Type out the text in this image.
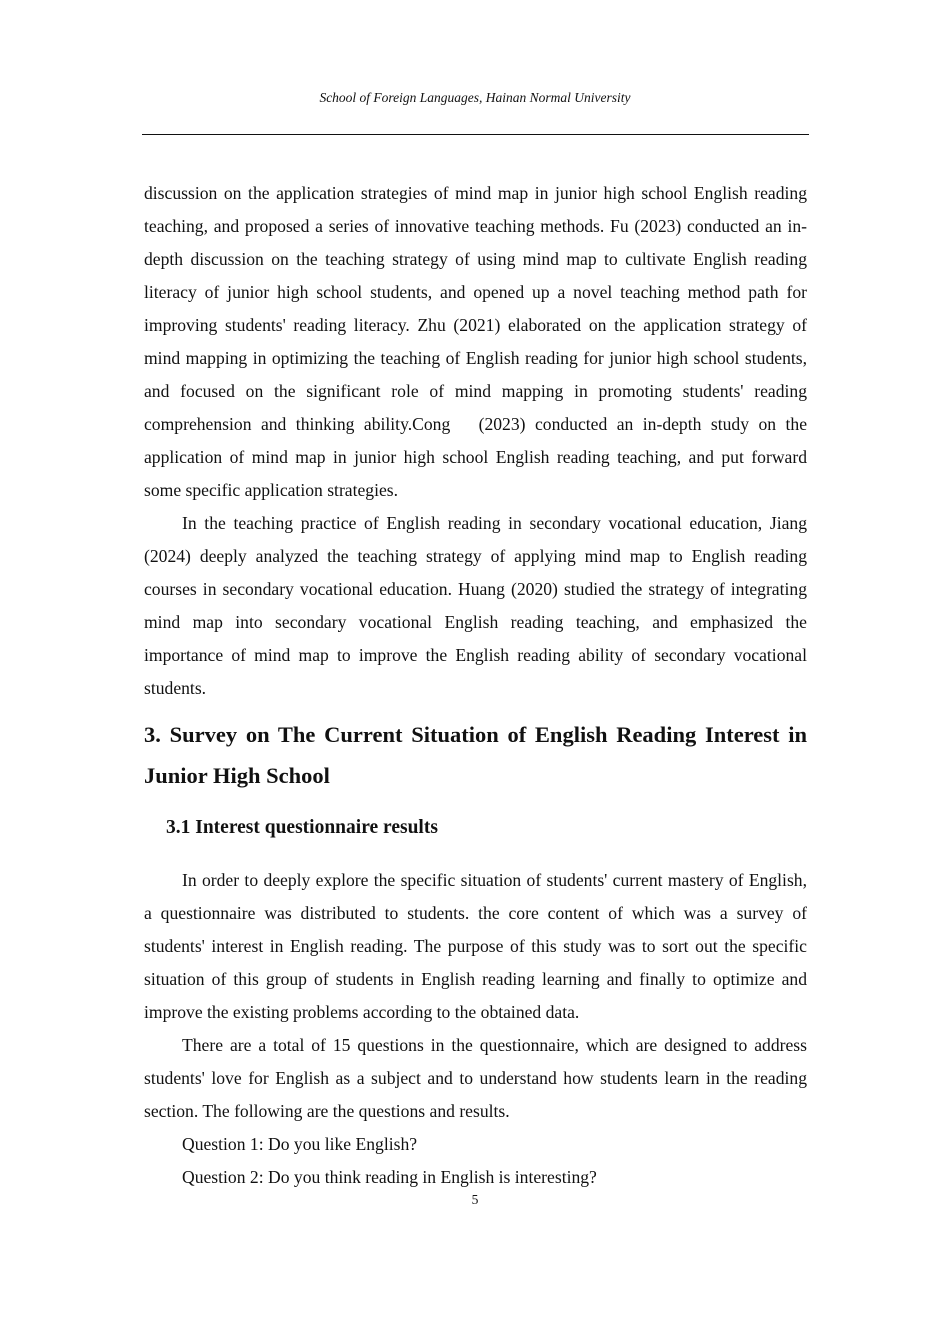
School of Foreign Languages, Hainan Normal University

discussion on the application strategies of mind map in junior high school English reading teaching, and proposed a series of innovative teaching methods. Fu (2023) conducted an in-depth discussion on the teaching strategy of using mind map to cultivate English reading literacy of junior high school students, and opened up a novel teaching method path for improving students' reading literacy. Zhu (2021) elaborated on the application strategy of mind mapping in optimizing the teaching of English reading for junior high school students, and focused on the significant role of mind mapping in promoting students' reading comprehension and thinking ability.Cong   (2023) conducted an in-depth study on the application of mind map in junior high school English reading teaching, and put forward some specific application strategies.

In the teaching practice of English reading in secondary vocational education, Jiang (2024) deeply analyzed the teaching strategy of applying mind map to English reading courses in secondary vocational education. Huang (2020) studied the strategy of integrating mind map into secondary vocational English reading teaching, and emphasized the importance of mind map to improve the English reading ability of secondary vocational students.

3. Survey on The Current Situation of English Reading Interest in Junior High School
3.1 Interest questionnaire results

In order to deeply explore the specific situation of students' current mastery of English, a questionnaire was distributed to students. the core content of which was a survey of students' interest in English reading. The purpose of this study was to sort out the specific situation of this group of students in English reading learning and finally to optimize and improve the existing problems according to the obtained data.

There are a total of 15 questions in the questionnaire, which are designed to address students' love for English as a subject and to understand how students learn in the reading section. The following are the questions and results.

Question 1: Do you like English?

Question 2: Do you think reading in English is interesting?

5
